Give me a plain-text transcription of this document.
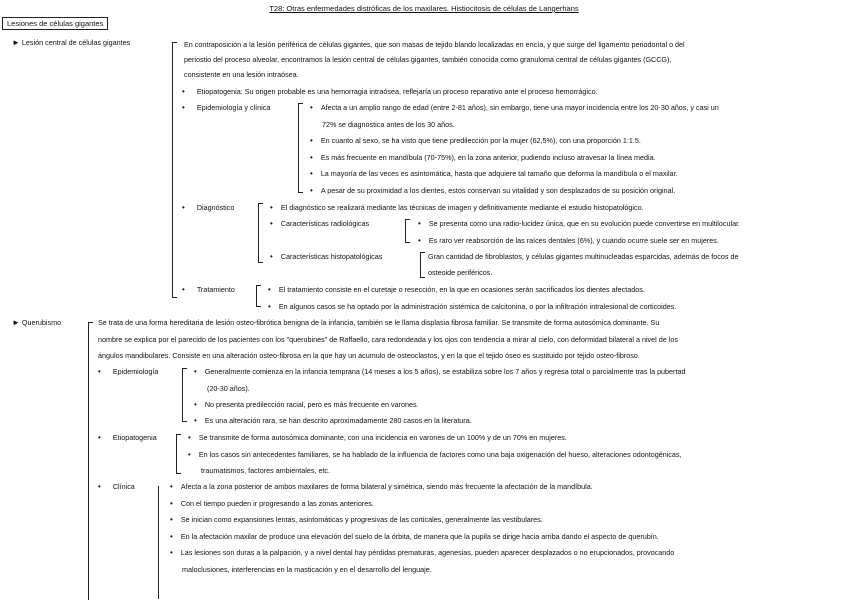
T28: Otras enfermedades distróficas de los maxilares. Histiocitosis de células de Langerhans
Lesiones de células gigantes
► Lesión central de células gigantes	En contraposición a la lesión periférica de células gigantes, que son masas de tejido blando localizadas en encía, y que surge del ligamento periodontal o del
periostio del proceso alveolar, encontramos la lesión central de células gigantes, también conocida como granuloma central de células gigantes (GCCG),
consistente en una lesión intraósea.
• Etiopatogenia: Su origen probable es una hemorragia intraósea, reflejaría un proceso reparativo ante el proceso hemorrágico.
• Epidemiología y clínica	• Afecta a un amplio rango de edad (entre 2-81 años), sin embargo, tiene una mayor incidencia entre los 20-30 años, y casi un
72% se diagnostica antes de los 30 años.
• En cuanto al sexo, se ha visto que tiene predilección por la mujer (62,5%), con una proporción 1:1.5.
• Es más frecuente en mandíbula (70-75%), en la zona anterior, pudiendo incluso atravesar la línea media.
• La mayoría de las veces es asintomática, hasta que adquiere tal tamaño que deforma la mandíbula o el maxilar.
• A pesar de su proximidad a los dientes, estos conservan su vitalidad y son desplazados de su posición original.
• Diagnóstico	• El diagnóstico se realizará mediante las técnicas de imagen y definitivamente mediante el estudio histopatológico.
• Características radiológicas	• Se presenta como una radio-lucidez única, que en su evolución puede convertirse en multilocular.
• Es raro ver reabsorción de las raíces dentales (6%), y cuando ocurre suele ser en mujeres.
• Características histopatológicas	Gran cantidad de fibroblastos, y células gigantes multinucleadas esparcidas, además de focos de
osteoide periféricos.
• Tratamiento	• El tratamiento consiste en el curetaje o resección, en la que en ocasiones serán sacrificados los dientes afectados.
• En algunos casos se ha optado por la administración sistémica de calcitonina, o por la infiltración intralesional de corticoides.
► Querubismo	Se trata de una forma hereditaria de lesión osteo-fibrótica benigna de la infancia, también se le llama displasia fibrosa familiar. Se transmite de forma autosómica dominante. Su
nombre se explica por el parecido de los pacientes con los "querubines" de Raffaello, cara redondeada y los ojos con tendencia a mirar al cielo, con deformidad bilateral a nivel de los
ángulos mandibulares. Consiste en una alteración osteo-fibrosa en la que hay un acumulo de osteoclastos, y en la que el tejido óseo es sustituido por tejido osteo-fibroso.
• Epidemiología	• Generalmente comienza en la infancia temprana (14 meses a los 5 años), se estabiliza sobre los 7 años y regresa total o parcialmente tras la pubertad
(20-30 años).
• No presenta predilección racial, pero es más frecuente en varones.
• Es una alteración rara, se han descrito aproximadamente 280 casos en la literatura.
• Etiopatogenia	• Se transmite de forma autosómica dominante, con una incidencia en varones de un 100% y de un 70% en mujeres.
• En los casos sin antecedentes familiares, se ha hablado de la influencia de factores como una baja oxigenación del hueso, alteraciones odontogénicas,
traumatismos, factores ambientales, etc.
• Clínica	• Afecta a la zona posterior de ambos maxilares de forma bilateral y simétrica, siendo más frecuente la afectación de la mandíbula.
• Con el tiempo pueden ir progresando a las zonas anteriores.
• Se inician como expansiones lentas, asintomáticas y progresivas de las corticales, generalmente las vestibulares.
• En la afectación maxilar de produce una elevación del suelo de la órbita, de manera que la pupila se dirige hacia arriba dando el aspecto de querubín.
• Las lesiones son duras a la palpación, y a nivel dental hay pérdidas prematuras, agenesias, pueden aparecer desplazados o no erupcionados, provocando
maloclusiones, interferencias en la masticación y en el desarrollo del lenguaje.
